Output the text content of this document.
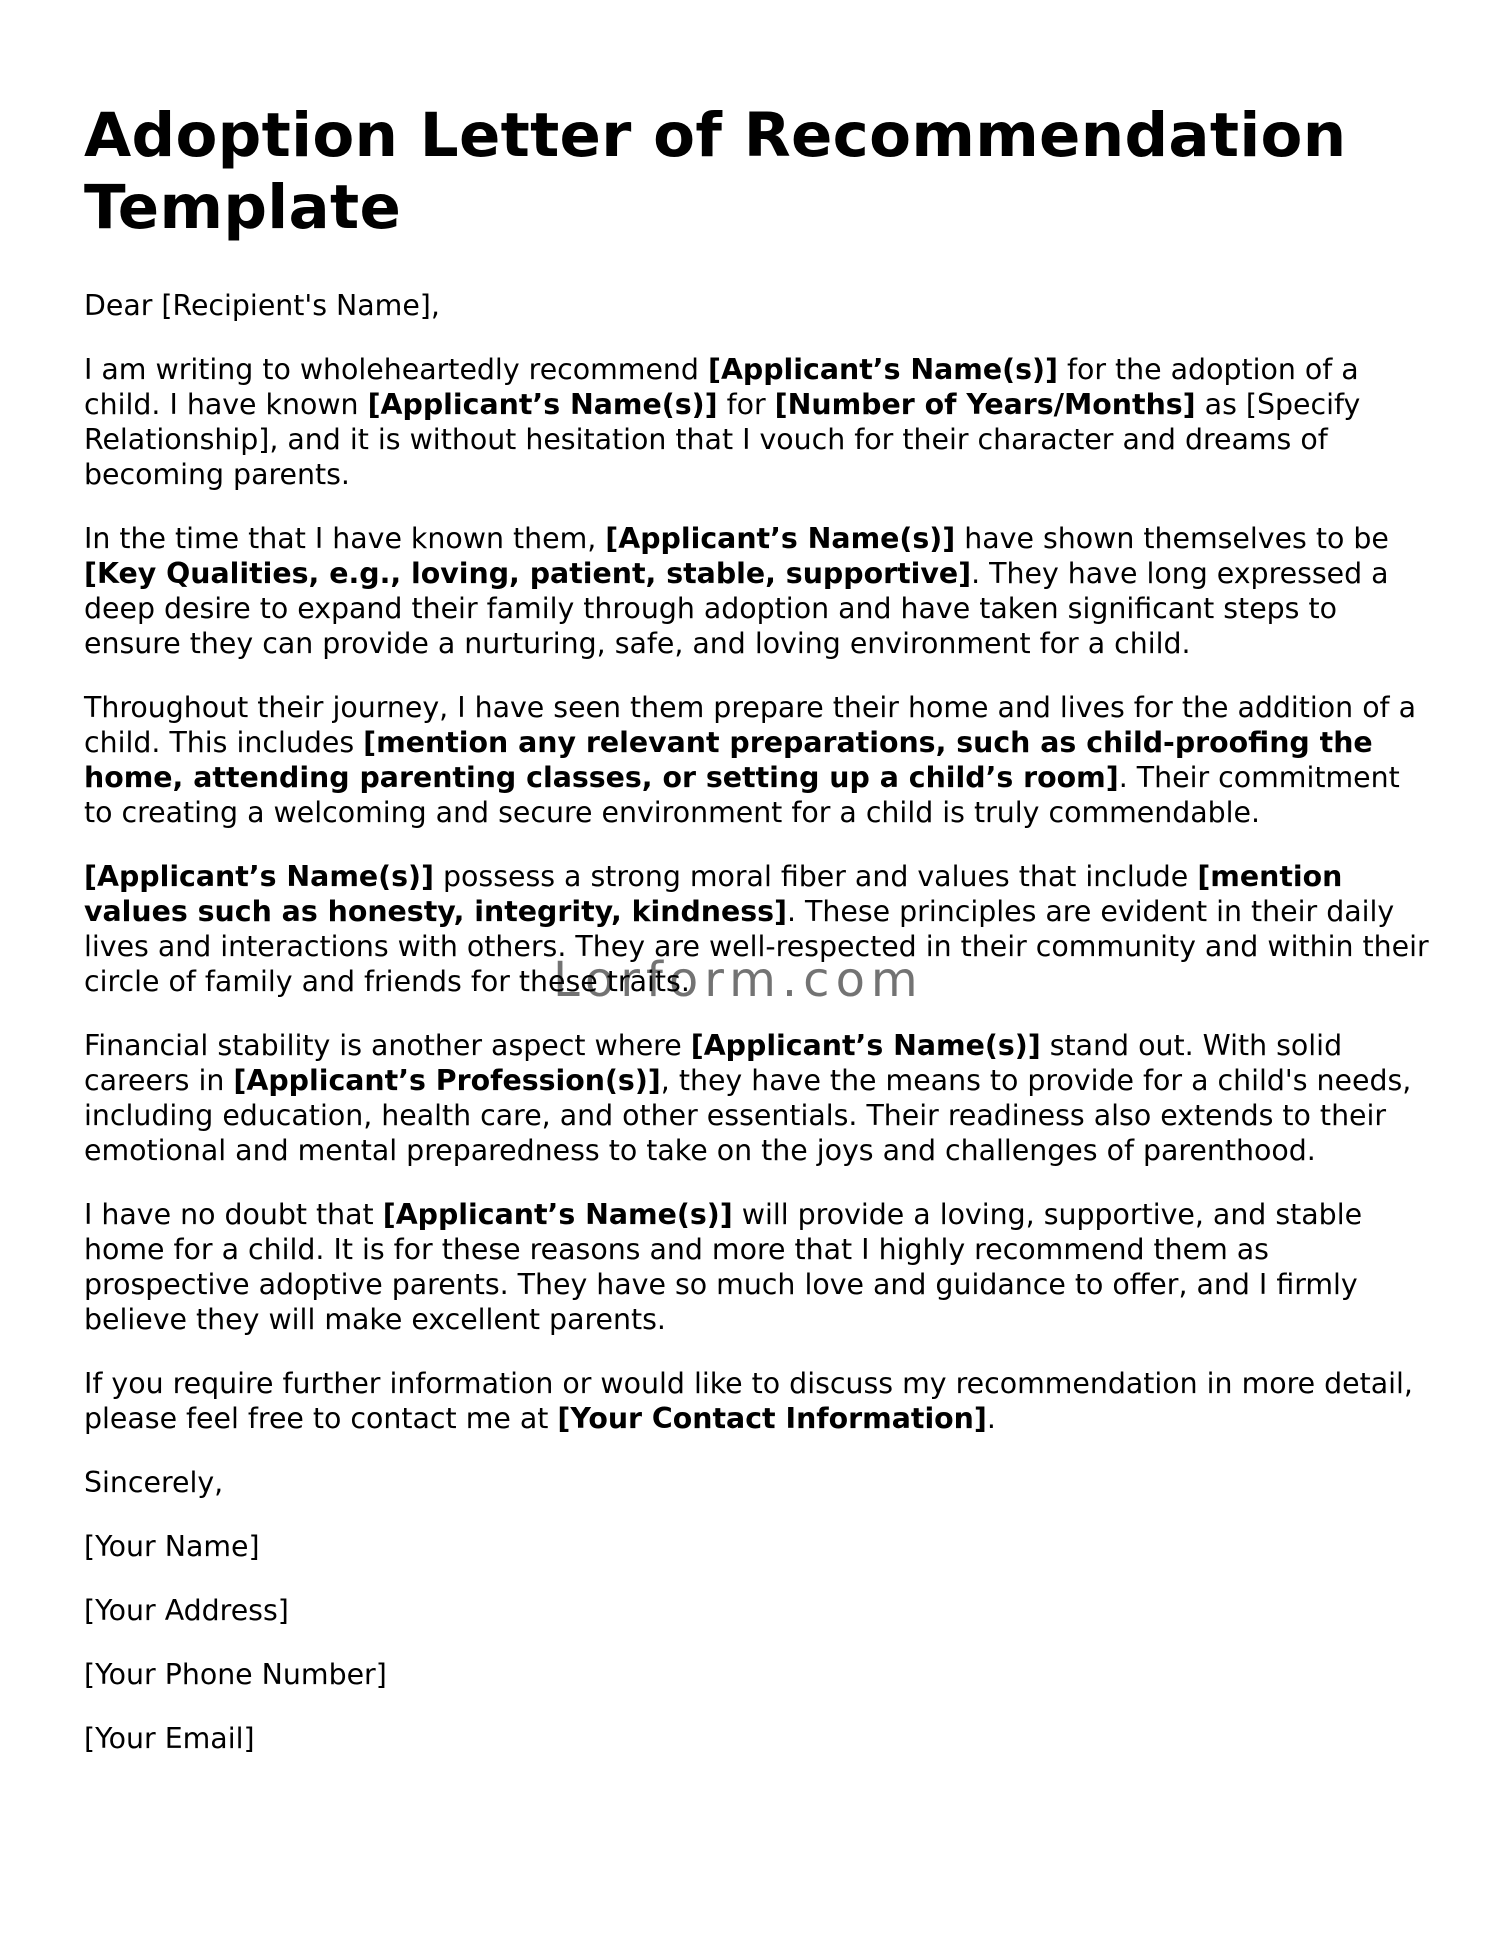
Adoption Letter of Recommendation Template

Dear [Recipient's Name],

I am writing to wholeheartedly recommend [Applicant’s Name(s)] for the adoption of a child. I have known [Applicant’s Name(s)] for [Number of Years/Months] as [Specify Relationship], and it is without hesitation that I vouch for their character and dreams of becoming parents.

In the time that I have known them, [Applicant’s Name(s)] have shown themselves to be [Key Qualities, e.g., loving, patient, stable, supportive]. They have long expressed a deep desire to expand their family through adoption and have taken significant steps to ensure they can provide a nurturing, safe, and loving environment for a child.

Throughout their journey, I have seen them prepare their home and lives for the addition of a child. This includes [mention any relevant preparations, such as child-proofing the home, attending parenting classes, or setting up a child’s room]. Their commitment to creating a welcoming and secure environment for a child is truly commendable.

[Applicant’s Name(s)] possess a strong moral fiber and values that include [mention values such as honesty, integrity, kindness]. These principles are evident in their daily lives and interactions with others. They are well-respected in their community and within their circle of family and friends for these traits.

Financial stability is another aspect where [Applicant’s Name(s)] stand out. With solid careers in [Applicant’s Profession(s)], they have the means to provide for a child's needs, including education, health care, and other essentials. Their readiness also extends to their emotional and mental preparedness to take on the joys and challenges of parenthood.

I have no doubt that [Applicant’s Name(s)] will provide a loving, supportive, and stable home for a child. It is for these reasons and more that I highly recommend them as prospective adoptive parents. They have so much love and guidance to offer, and I firmly believe they will make excellent parents.

If you require further information or would like to discuss my recommendation in more detail, please feel free to contact me at [Your Contact Information].

Sincerely,

[Your Name]

[Your Address]

[Your Phone Number]

[Your Email]

Lorform.com
